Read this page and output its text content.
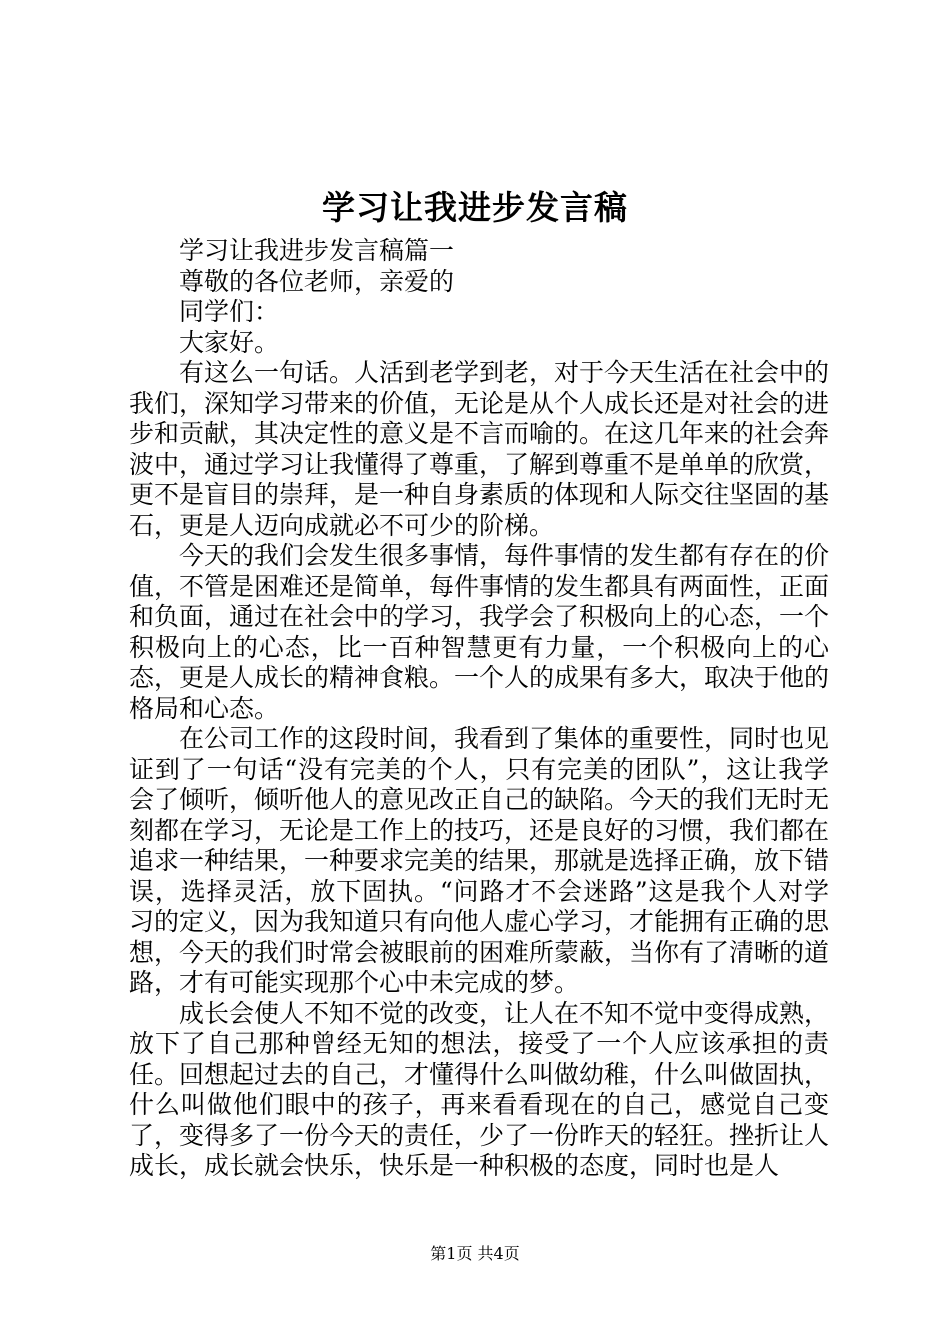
学习让我进步发言稿

学习让我进步发言稿篇一

尊敬的各位老师，亲爱的

同学们：

大家好。

有这么一句话。人活到老学到老，对于今天生活在社会中的我们，深知学习带来的价值，无论是从个人成长还是对社会的进步和贡献，其决定性的意义是不言而喻的。在这几年来的社会奔波中，通过学习让我懂得了尊重，了解到尊重不是单单的欣赏，更不是盲目的崇拜，是一种自身素质的体现和人际交往坚固的基石，更是人迈向成就必不可少的阶梯。

今天的我们会发生很多事情，每件事情的发生都有存在的价值，不管是困难还是简单，每件事情的发生都具有两面性，正面和负面，通过在社会中的学习，我学会了积极向上的心态，一个积极向上的心态，比一百种智慧更有力量，一个积极向上的心态，更是人成长的精神食粮。一个人的成果有多大，取决于他的格局和心态。

在公司工作的这段时间，我看到了集体的重要性，同时也见证到了一句话“没有完美的个人，只有完美的团队”，这让我学会了倾听，倾听他人的意见改正自己的缺陷。今天的我们无时无刻都在学习，无论是工作上的技巧，还是良好的习惯，我们都在追求一种结果，一种要求完美的结果，那就是选择正确，放下错误，选择灵活，放下固执。“问路才不会迷路”这是我个人对学习的定义，因为我知道只有向他人虚心学习，才能拥有正确的思想，今天的我们时常会被眼前的困难所蒙蔽，当你有了清晰的道路，才有可能实现那个心中未完成的梦。

成长会使人不知不觉的改变，让人在不知不觉中变得成熟，放下了自己那种曾经无知的想法，接受了一个人应该承担的责任。回想起过去的自己，才懂得什么叫做幼稚，什么叫做固执，什么叫做他们眼中的孩子，再来看看现在的自己，感觉自己变了，变得多了一份今天的责任，少了一份昨天的轻狂。挫折让人成长，成长就会快乐，快乐是一种积极的态度，同时也是人

第1页 共4页
